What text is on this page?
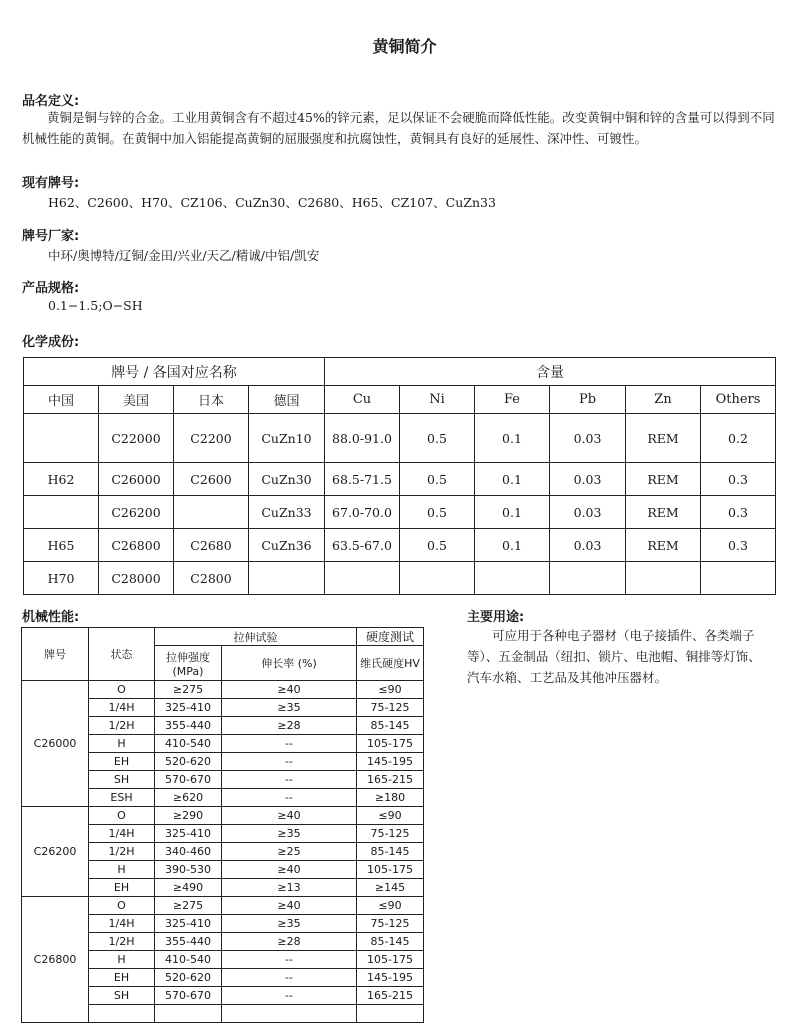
黄铜简介
品名定义:
黄铜是铜与锌的合金。工业用黄铜含有不超过45%的锌元素，足以保证不会硬脆而降低性能。改变黄铜中铜和锌的含量可以得到不同机械性能的黄铜。在黄铜中加入铝能提高黄铜的屈服强度和抗腐蚀性，黄铜具有良好的延展性、深冲性、可镀性。
现有牌号:
H62、C2600、H70、CZ106、CuZn30、C2680、H65、CZ107、CuZn33
牌号厂家:
中环/奥博特/辽铜/金田/兴业/天乙/精诚/中铝/凯安
产品规格:
0.1−1.5;O−SH
化学成份:
牌号 / 各国对应名称				含量					
中国	美国	日本	德国	Cu	Ni	Fe	Pb	Zn	Others
	C22000	C2200	CuZn10	88.0-91.0	0.5	0.1	0.03	REM	0.2
H62	C26000	C2600	CuZn30	68.5-71.5	0.5	0.1	0.03	REM	0.3
	C26200		CuZn33	67.0-70.0	0.5	0.1	0.03	REM	0.3
H65	C26800	C2680	CuZn36	63.5-67.0	0.5	0.1	0.03	REM	0.3
H70	C28000	C2800							
机械性能:
牌号	状态	拉伸试验		硬度测试
		拉伸强度 (MPa)	伸长率 (%)	维氏硬度HV

C26000	O	≥275	≥40	≤90
	1/4H	325-410	≥35	75-125
	1/2H	355-440	≥28	85-145
	H	410-540	--	105-175
	EH	520-620	--	145-195
	SH	570-670	--	165-215
	ESH	≥620	--	≥180
C26200	O	≥290	≥40	≤90
	1/4H	325-410	≥35	75-125
	1/2H	340-460	≥25	85-145
	H	390-530	≥40	105-175
	EH	≥490	≥13	≥145
C26800	O	≥275	≥40	≤90
	1/4H	325-410	≥35	75-125
	1/2H	355-440	≥28	85-145
	H	410-540	--	105-175
	EH	520-620	--	145-195
	SH	570-670	--	165-215

主要用途:
可应用于各种电子器材（电子接插件、各类端子等）、五金制品（纽扣、锁片、电池帽、铜排等灯饰、汽车水箱、工艺品及其他冲压器材。
